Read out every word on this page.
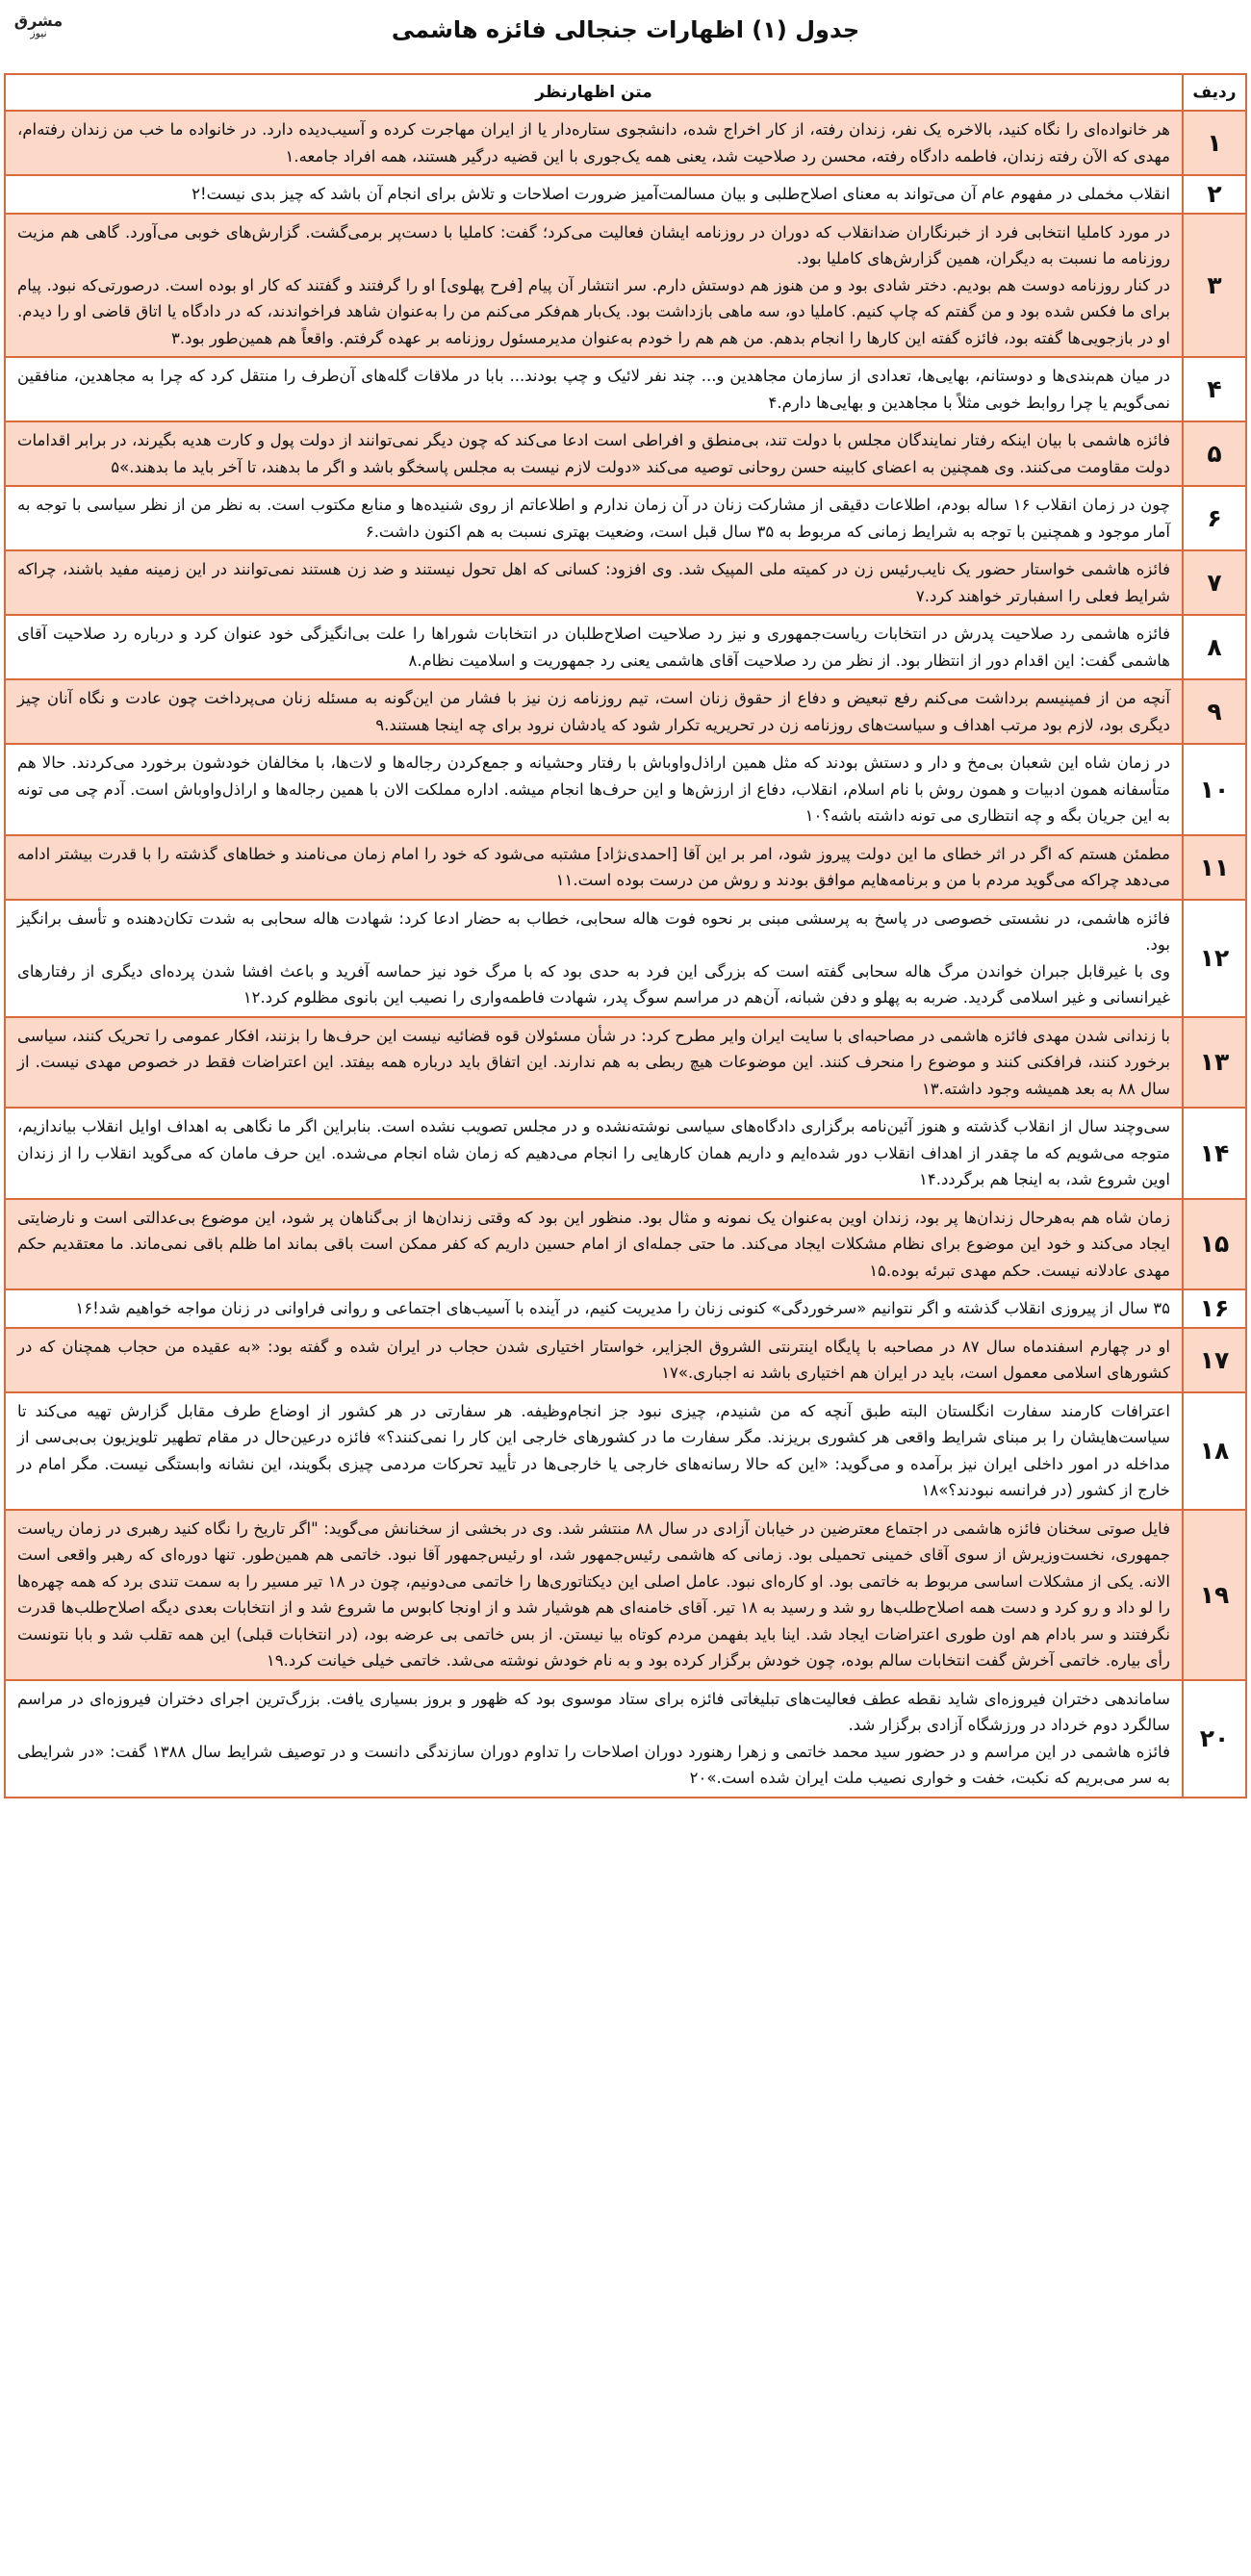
مشرق
نیوز	جدول (۱) اظهارات جنجالی فائزه هاشمی
ردیف	متن اظهارنظر
۱	هر خانواده‌ای را نگاه کنید، بالاخره یک نفر، زندان رفته، از کار اخراج شده، دانشجوی ستاره‌دار یا از ایران مهاجرت کرده و آسیب‌دیده دارد. در خانواده ما خب من زندان رفته‌ام، مهدی که الآن رفته زندان، فاطمه دادگاه رفته، محسن رد صلاحیت شد، یعنی همه یک‌جوری با این قضیه درگیر هستند، همه افراد جامعه.۱

۲	انقلاب مخملی در مفهوم عام آن می‌تواند به معنای اصلاح‌طلبی و بیان مسالمت‌آمیز ضرورت اصلاحات و تلاش برای انجام آن باشد که چیز بدی نیست!۲

۳	در مورد کاملیا انتخابی فرد از خبرنگاران ضدانقلاب که دوران در روزنامه ایشان فعالیت می‌کرد؛ گفت: کاملیا با دست‌پر برمی‌گشت. گزارش‌های خوبی می‌آورد. گاهی هم مزیت روزنامه ما نسبت به دیگران، همین گزارش‌های کاملیا بود.
در کنار روزنامه دوست هم بودیم. دختر شادی بود و من هنوز هم دوستش دارم. سر انتشار آن پیام [فرح پهلوی] او را گرفتند و گفتند که کار او بوده است. درصورتی‌که نبود. پیام برای ما فکس شده بود و من گفتم که چاپ کنیم. کاملیا دو، سه ماهی بازداشت بود. یک‌بار هم‌فکر می‌کنم من را به‌عنوان شاهد فراخواندند، که در دادگاه یا اتاق قاضی او را دیدم. او در بازجویی‌ها گفته بود، فائزه گفته این کارها را انجام بدهم. من هم هم را خودم به‌عنوان مدیرمسئول روزنامه بر عهده گرفتم. واقعاً هم همین‌طور بود.۳

۴	در میان هم‌بندی‌ها و دوستانم، بهایی‌ها، تعدادی از سازمان مجاهدین و... چند نفر لائیک و چپ بودند... بابا در ملاقات گله‌های آن‌طرف را منتقل کرد که چرا به مجاهدین، منافقین نمی‌گویم یا چرا روابط خوبی مثلاً با مجاهدین و بهایی‌ها دارم.۴

۵	فائزه هاشمی با بیان اینکه رفتار نمایندگان مجلس با دولت تند، بی‌منطق و افراطی است ادعا می‌کند که چون دیگر نمی‌توانند از دولت پول و کارت هدیه بگیرند، در برابر اقدامات دولت مقاومت می‌کنند. وی همچنین به اعضای کابینه حسن روحانی توصیه می‌کند «دولت لازم نیست به مجلس پاسخگو باشد و اگر ما بدهند، تا آخر باید ما بدهند.»۵

۶	چون در زمان انقلاب ۱۶ ساله بودم، اطلاعات دقیقی از مشارکت زنان در آن زمان ندارم و اطلاعاتم از روی شنیده‌ها و منابع مکتوب است. به نظر من از نظر سیاسی با توجه به آمار موجود و همچنین با توجه به شرایط زمانی که مربوط به ۳۵ سال قبل است، وضعیت بهتری نسبت به هم اکنون داشت.۶

۷	فائزه هاشمی خواستار حضور یک نایب‌رئیس زن در کمیته ملی المپیک شد. وی افزود: کسانی که اهل تحول نیستند و ضد زن هستند نمی‌توانند در این زمینه مفید باشند، چراکه شرایط فعلی را اسفبارتر خواهند کرد.۷

۸	فائزه هاشمی رد صلاحیت پدرش در انتخابات ریاست‌جمهوری و نیز رد صلاحیت اصلاح‌طلبان در انتخابات شوراها را علت بی‌انگیزگی خود عنوان کرد و درباره رد صلاحیت آقای هاشمی گفت: این اقدام دور از انتظار بود. از نظر من رد صلاحیت آقای هاشمی یعنی رد جمهوریت و اسلامیت نظام.۸

۹	آنچه من از فمینیسم برداشت می‌کنم رفع تبعیض و دفاع از حقوق زنان است، تیم روزنامه زن نیز با فشار من این‌گونه به مسئله زنان می‌پرداخت چون عادت و نگاه آنان چیز دیگری بود، لازم بود مرتب اهداف و سیاست‌های روزنامه زن در تحریریه تکرار شود که یادشان نرود برای چه اینجا هستند.۹

۱۰	در زمان شاه این شعبان بی‌مخ و دار و دستش بودند که مثل همین اراذل‌واوباش با رفتار وحشیانه و جمع‌کردن رجاله‌ها و لات‌ها، با مخالفان خودشون برخورد می‌کردند. حالا هم متأسفانه همون ادبیات و همون روش با نام اسلام، انقلاب، دفاع از ارزش‌ها و این حرف‌ها انجام میشه. اداره مملکت الان با همین رجاله‌ها و اراذل‌واوباش است. آدم چی می‌ تونه به این جریان بگه و چه انتظاری می‌ تونه داشته باشه؟۱۰

۱۱	مطمئن هستم که اگر در اثر خطای ما این دولت پیروز شود، امر بر این آقا [احمدی‌نژاد] مشتبه می‌شود که خود را امام زمان می‌نامند و خطاهای گذشته را با قدرت بیشتر ادامه می‌دهد چراکه می‌گوید مردم با من و برنامه‌هایم موافق بودند و روش من درست بوده است.۱۱

۱۲	فائزه هاشمی، در نشستی خصوصی در پاسخ به پرسشی مبنی بر نحوه فوت هاله سحابی، خطاب به حضار ادعا کرد: شهادت هاله سحابی به شدت تکان‌دهنده و تأسف برانگیز بود.
وی با غیرقابل جبران خواندن مرگ هاله سحابی گفته است که بزرگی این فرد به حدی بود که با مرگ خود نیز حماسه آفرید و باعث افشا شدن پرده‌ای دیگری از رفتارهای غیرانسانی و غیر اسلامی گردید. ضربه به پهلو و دفن شبانه، آن‌هم در مراسم سوگ پدر، شهادت فاطمه‌واری را نصیب این بانوی مظلوم کرد.۱۲

۱۳	با زندانی شدن مهدی فائزه هاشمی در مصاحبه‌ای با سایت ایران وایر مطرح کرد: در شأن مسئولان قوه قضائیه نیست این حرف‌ها را بزنند، افکار عمومی را تحریک کنند، سیاسی برخورد کنند، فرافکنی کنند و موضوع را منحرف کنند. این موضوعات هیچ ربطی به هم ندارند. این اتفاق باید درباره همه بیفتد. این اعتراضات فقط در خصوص مهدی نیست. از سال ۸۸ به بعد همیشه وجود داشته.۱۳

۱۴	سی‌وچند سال از انقلاب گذشته و هنوز آئین‌نامه برگزاری دادگاه‌های سیاسی نوشته‌نشده و در مجلس تصویب نشده است. بنابراین اگر ما نگاهی به اهداف اوایل انقلاب بیاندازیم، متوجه می‌شویم که ما چقدر از اهداف انقلاب دور شده‌ایم و داریم همان کارهایی را انجام می‌دهیم که زمان شاه انجام می‌شده. این حرف مامان که می‌گوید انقلاب را از زندان اوین شروع شد، به اینجا هم برگردد.۱۴

۱۵	زمان شاه هم به‌هرحال زندان‌ها پر بود، زندان اوین به‌عنوان یک نمونه و مثال بود. منظور این بود که وقتی زندان‌ها از بی‌گناهان پر شود، این موضوع بی‌عدالتی است و نارضایتی ایجاد می‌کند و خود این موضوع برای نظام مشکلات ایجاد می‌کند. ما حتی جمله‌ای از امام حسین داریم که کفر ممکن است باقی بماند اما ظلم باقی نمی‌ماند. ما معتقدیم حکم مهدی عادلانه نیست. حکم مهدی تبرئه بوده.۱۵

۱۶	۳۵ سال از پیروزی انقلاب گذشته و اگر نتوانیم «سرخوردگی» کنونی زنان را مدیریت کنیم، در آینده با آسیب‌های اجتماعی و روانی فراوانی در زنان مواجه خواهیم شد!۱۶

۱۷	او در چهارم اسفندماه سال ۸۷ در مصاحبه با پایگاه اینترنتی الشروق الجزایر، خواستار اختیاری شدن حجاب در ایران شده و گفته بود: «به عقیده من حجاب همچنان که در کشورهای اسلامی معمول است، باید در ایران هم اختیاری باشد نه اجباری.»۱۷

۱۸	اعترافات کارمند سفارت انگلستان البته طبق آنچه که من شنیدم، چیزی نبود جز انجام‌وظیفه. هر سفارتی در هر کشور از اوضاع طرف مقابل گزارش تهیه می‌کند تا سیاست‌هایشان را بر مبنای شرایط واقعی هر کشوری بریزند. مگر سفارت ما در کشورهای خارجی این کار را نمی‌کنند؟» فائزه درعین‌حال در مقام تطهیر تلویزیون بی‌بی‌سی از مداخله در امور داخلی ایران نیز برآمده و می‌گوید: «این که حالا رسانه‌های خارجی یا خارجی‌ها در تأیید تحرکات مردمی چیزی بگویند، این نشانه وابستگی نیست. مگر امام در خارج از کشور (در فرانسه نبودند؟»۱۸

۱۹	فایل صوتی سخنان فائزه هاشمی در اجتماع معترضین در خیابان آزادی در سال ۸۸ منتشر شد. وی در بخشی از سخنانش می‌گوید: "اگر تاریخ را نگاه کنید رهبری در زمان ریاست جمهوری، نخست‌وزیرش از سوی آقای خمینی تحمیلی بود. زمانی که هاشمی رئیس‌جمهور شد، او رئیس‌جمهور آقا نبود. خاتمی هم همین‌طور. تنها دوره‌ای که رهبر واقعی است الانه. یکی از مشکلات اساسی مربوط به خاتمی بود. او کاره‌ای نبود. عامل اصلی این دیکتاتوری‌ها را خاتمی می‌دونیم، چون در ۱۸ تیر مسیر را به سمت تندی برد که همه چهره‌ها را لو داد و رو کرد و دست همه اصلاح‌طلب‌ها رو شد و رسید به ۱۸ تیر. آقای خامنه‌ای هم هوشیار شد و از اونجا کابوس ما شروع شد و از انتخابات بعدی دیگه اصلاح‌طلب‌ها قدرت نگرفتند و سر بادام هم اون طوری اعتراضات ایجاد شد. اینا باید بفهمن مردم کوتاه بیا نیستن. از بس خاتمی بی عرضه بود، (در انتخابات قبلی) این همه تقلب شد و بابا نتونست رأی بیاره. خاتمی آخرش گفت انتخابات سالم بوده، چون خودش برگزار کرده بود و به نام خودش نوشته می‌شد. خاتمی خیلی خیانت کرد.۱۹

۲۰	ساماندهی دختران فیروزه‌ای شاید نقطه عطف فعالیت‌های تبلیغاتی فائزه برای ستاد موسوی بود که ظهور و بروز بسیاری یافت. بزرگ‌ترین اجرای دختران فیروزه‌ای در مراسم سالگرد دوم خرداد در ورزشگاه آزادی برگزار شد.
فائزه هاشمی در این مراسم و در حضور سید محمد خاتمی و زهرا رهنورد دوران اصلاحات را تداوم دوران سازندگی دانست و در توصیف شرایط سال ۱۳۸۸ گفت: «در شرایطی به سر می‌بریم که نکبت، خفت و خواری نصیب ملت ایران شده است.»۲۰
